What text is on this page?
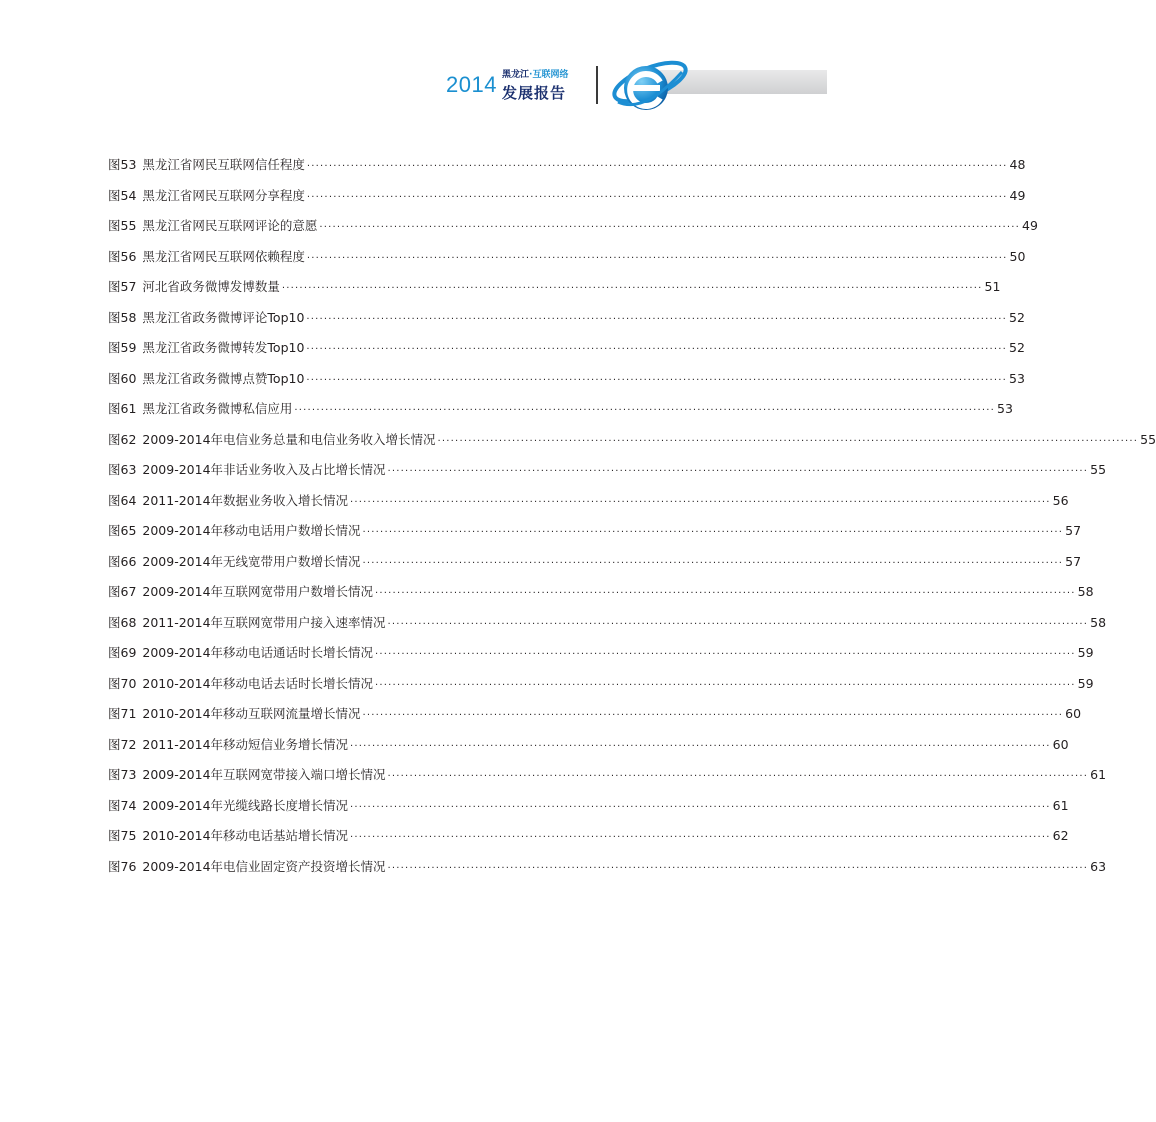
2014 黑龙江·互联网络
发展报告
图53 黑龙江省网民互联网信任程度 ································································································································································ 48
图54 黑龙江省网民互联网分享程度 ································································································································································ 49
图55 黑龙江省网民互联网评论的意愿 ································································································································································ 49
图56 黑龙江省网民互联网依赖程度 ································································································································································ 50
图57 河北省政务微博发博数量 ································································································································································ 51
图58 黑龙江省政务微博评论Top10 ································································································································································ 52
图59 黑龙江省政务微博转发Top10 ································································································································································ 52
图60 黑龙江省政务微博点赞Top10 ································································································································································ 53
图61 黑龙江省政务微博私信应用 ································································································································································ 53
图62 2009-2014年电信业务总量和电信业务收入增长情况 ································································································································································ 55
图63 2009-2014年非话业务收入及占比增长情况 ································································································································································ 55
图64 2011-2014年数据业务收入增长情况 ································································································································································ 56
图65 2009-2014年移动电话用户数增长情况 ································································································································································ 57
图66 2009-2014年无线宽带用户数增长情况 ································································································································································ 57
图67 2009-2014年互联网宽带用户数增长情况 ································································································································································ 58
图68 2011-2014年互联网宽带用户接入速率情况 ································································································································································ 58
图69 2009-2014年移动电话通话时长增长情况 ································································································································································ 59
图70 2010-2014年移动电话去话时长增长情况 ································································································································································ 59
图71 2010-2014年移动互联网流量增长情况 ································································································································································ 60
图72 2011-2014年移动短信业务增长情况 ································································································································································ 60
图73 2009-2014年互联网宽带接入端口增长情况 ································································································································································ 61
图74 2009-2014年光缆线路长度增长情况 ································································································································································ 61
图75 2010-2014年移动电话基站增长情况 ································································································································································ 62
图76 2009-2014年电信业固定资产投资增长情况 ································································································································································ 63
